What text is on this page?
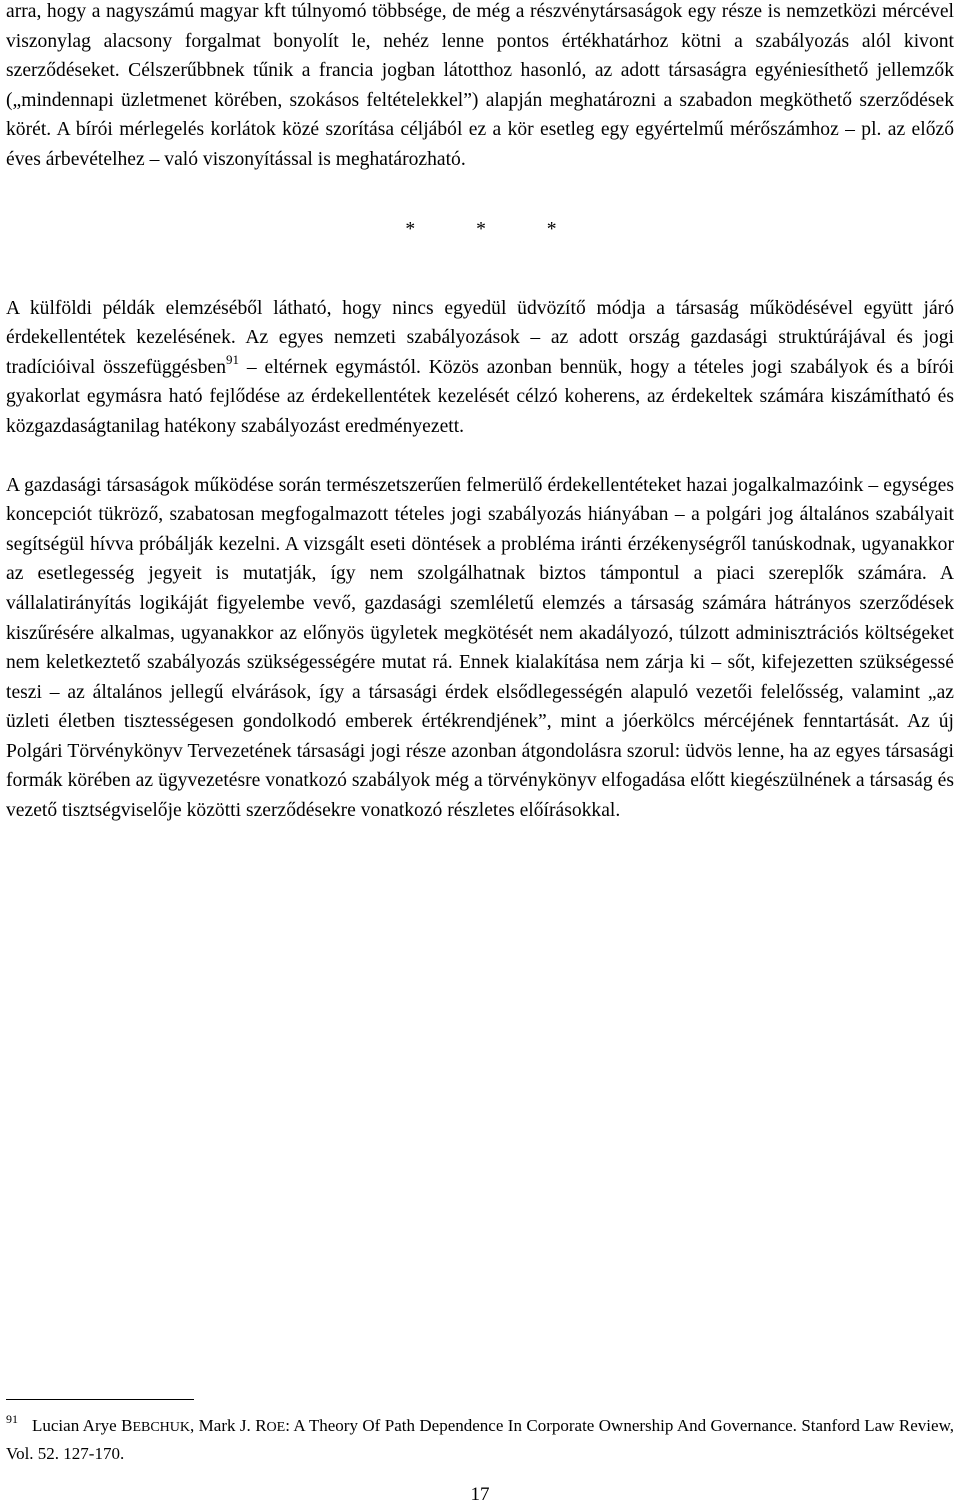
arra, hogy a nagyszámú magyar kft túlnyomó többsége, de még a részvénytársaságok egy része is nemzetközi mércével viszonylag alacsony forgalmat bonyolít le, nehéz lenne pontos értékhatárhoz kötni a szabályozás alól kivont szerződéseket. Célszerűbbnek tűnik a francia jogban látotthoz hasonló, az adott társaságra egyéniesíthető jellemzők („mindennapi üzletmenet körében, szokásos feltételekkel”) alapján meghatározni a szabadon megköthető szerződések körét. A bírói mérlegelés korlátok közé szorítása céljából ez a kör esetleg egy egyértelmű mérőszámhoz – pl. az előző éves árbevételhez – való viszonyítással is meghatározható.

* * *

A külföldi példák elemzéséből látható, hogy nincs egyedül üdvözítő módja a társaság működésével együtt járó érdekellentétek kezelésének. Az egyes nemzeti szabályozások – az adott ország gazdasági struktúrájával és jogi tradícióival összefüggésben$^{91}$ – eltérnek egymástól. Közös azonban bennük, hogy a tételes jogi szabályok és a bírói gyakorlat egymásra ható fejlődése az érdekellentétek kezelését célzó koherens, az érdekeltek számára kiszámítható és közgazdaságtanilag hatékony szabályozást eredményezett.

A gazdasági társaságok működése során természetszerűen felmerülő érdekellentéteket hazai jogalkalmazóink – egységes koncepciót tükröző, szabatosan megfogalmazott tételes jogi szabályozás hiányában – a polgári jog általános szabályait segítségül hívva próbálják kezelni. A vizsgált eseti döntések a probléma iránti érzékenységről tanúskodnak, ugyanakkor az esetlegesség jegyeit is mutatják, így nem szolgálhatnak biztos támpontul a piaci szereplők számára. A vállalatirányítás logikáját figyelembe vevő, gazdasági szemléletű elemzés a társaság számára hátrányos szerződések kiszűrésére alkalmas, ugyanakkor az előnyös ügyletek megkötését nem akadályozó, túlzott adminisztrációs költségeket nem keletkeztető szabályozás szükségességére mutat rá. Ennek kialakítása nem zárja ki – sőt, kifejezetten szükségessé teszi – az általános jellegű elvárások, így a társasági érdek elsődlegességén alapuló vezetői felelősség, valamint „az üzleti életben tisztességesen gondolkodó emberek értékrendjének”, mint a jóerkölcs mércéjének fenntartását. Az új Polgári Törvénykönyv Tervezetének társasági jogi része azonban átgondolásra szorul: üdvös lenne, ha az egyes társasági formák körében az ügyvezetésre vonatkozó szabályok még a törvénykönyv elfogadása előtt kiegészülnének a társaság és vezető tisztségviselője közötti szerződésekre vonatkozó részletes előírásokkal.

$^{91}$ Lucian Arye BEBCHUK, Mark J. ROE: A Theory Of Path Dependence In Corporate Ownership And Governance. Stanford Law Review, Vol. 52. 127-170.

17
